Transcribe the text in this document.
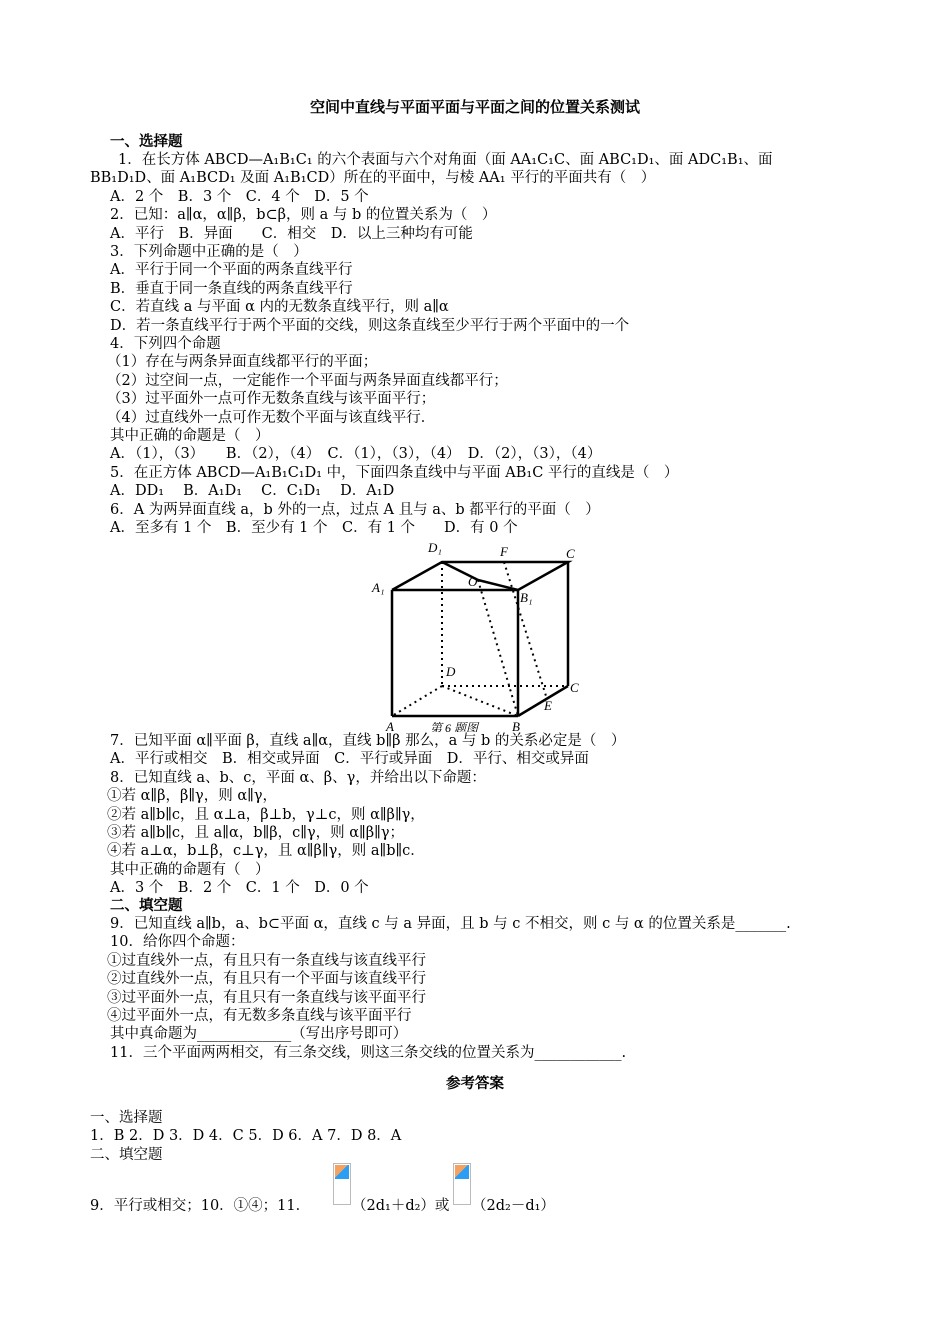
空间中直线与平面平面与平面之间的位置关系测试
一、选择题
1．在长方体 ABCD—A₁B₁C₁ 的六个表面与六个对角面（面 AA₁C₁C、面 ABC₁D₁、面 ADC₁B₁、面
BB₁D₁D、面 A₁BCD₁ 及面 A₁B₁CD）所在的平面中，与棱 AA₁ 平行的平面共有（　）
A．2 个　B．3 个　C．4 个　D．5 个
2．已知：a∥α，α∥β，b⊂β，则 a 与 b 的位置关系为（　）
A．平行　B．异面　　C．相交　D．以上三种均有可能
3．下列命题中正确的是（　）
A．平行于同一个平面的两条直线平行
B．垂直于同一条直线的两条直线平行
C．若直线 a 与平面 α 内的无数条直线平行，则 a∥α
D．若一条直线平行于两个平面的交线，则这条直线至少平行于两个平面中的一个
4．下列四个命题
（1）存在与两条异面直线都平行的平面；
（2）过空间一点，一定能作一个平面与两条异面直线都平行；
（3）过平面外一点可作无数条直线与该平面平行；
（4）过直线外一点可作无数个平面与该直线平行．
其中正确的命题是（　）
A．（1），（3）　　B．（2），（4）　C．（1），（3），（4）　D．（2），（3），（4）
5．在正方体 ABCD—A₁B₁C₁D₁ 中，下面四条直线中与平面 AB₁C 平行的直线是（　）
A．DD₁　 B．A₁D₁　 C．C₁D₁　 D．A₁D
6．A 为两异面直线 a，b 外的一点，过点 A 且与 a、b 都平行的平面（　）
A．至多有 1 个　B．至少有 1 个　C．有 1 个　　D．有 0 个
D₁	F	C
A₁	O
B₁
D
C
A	B
E
第 6 题图
7．已知平面 α∥平面 β，直线 a∥α，直线 b∥β 那么，a 与 b 的关系必定是（　）
A．平行或相交　B．相交或异面　C．平行或异面　D．平行、相交或异面
8．已知直线 a、b、c，平面 α、β、γ，并给出以下命题：
①若 α∥β，β∥γ，则 α∥γ，
②若 a∥b∥c，且 α⊥a，β⊥b，γ⊥c，则 α∥β∥γ，
③若 a∥b∥c，且 a∥α，b∥β，c∥γ，则 α∥β∥γ；
④若 a⊥α，b⊥β，c⊥γ，且 α∥β∥γ，则 a∥b∥c．
其中正确的命题有（　）
A．3 个　B．2 个　C．1 个　D．0 个
二、填空题
9．已知直线 a∥b，a、b⊂平面 α，直线 c 与 a 异面，且 b 与 c 不相交，则 c 与 α 的位置关系是_______.
10．给你四个命题：
①过直线外一点，有且只有一条直线与该直线平行
②过直线外一点，有且只有一个平面与该直线平行
③过平面外一点，有且只有一条直线与该平面平行
④过平面外一点，有无数多条直线与该平面平行
其中真命题为_____________（写出序号即可）
11．三个平面两两相交，有三条交线，则这三条交线的位置关系为____________.
参考答案
一、选择题
1．B 2．D 3．D 4．C 5．D 6．A 7．D 8．A
二、填空题
9．平行或相交；10．①④；11．	（2d₁＋d₂）或 （2d₂－d₁）
